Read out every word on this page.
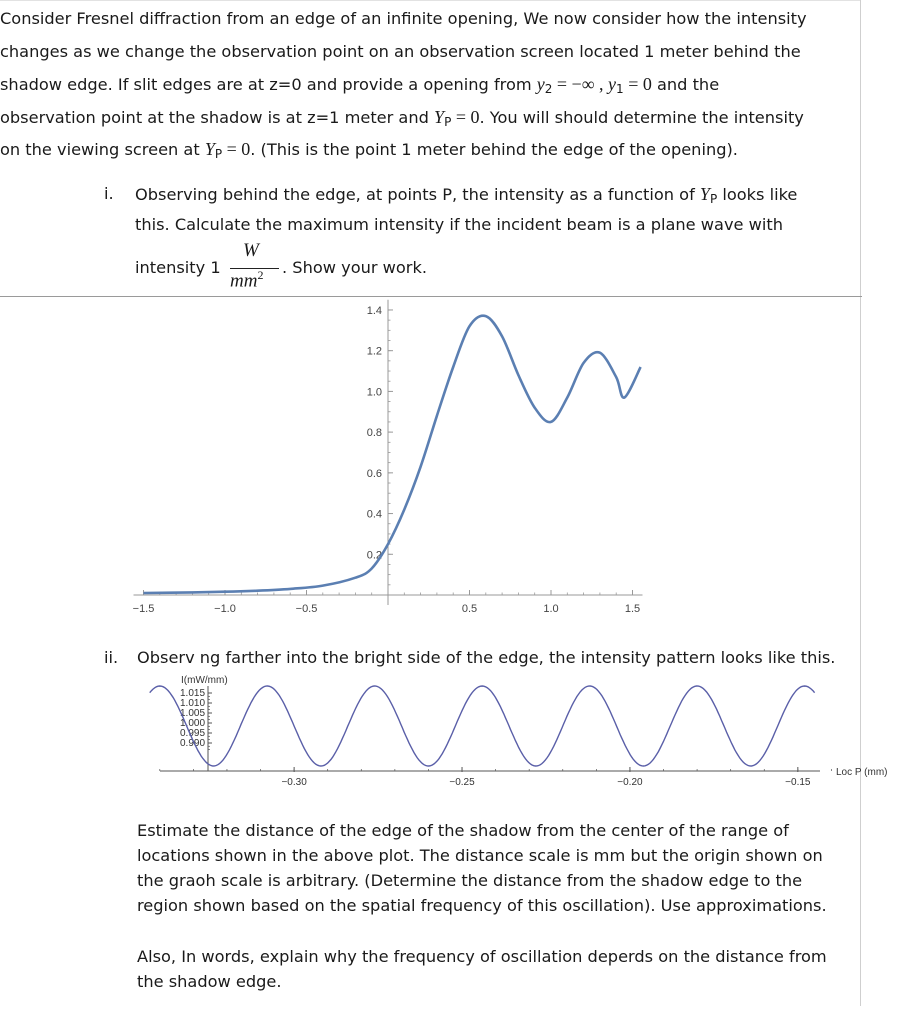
Consider Fresnel diffraction from an edge of an infinite opening, We now consider how the intensity
changes as we change the observation point on an observation screen located 1 meter behind the
shadow edge. If slit edges are at z=0 and provide a opening from $y_2$ = −∞ , $y_1 = 0$ and the
observation point at the shadow is at z=1 meter and $Y_P = 0$. You will should determine the intensity
on the viewing screen at $Y_P = 0$. (This is the point 1 meter behind the edge of the opening).
i. Observing behind the edge, at points P, the intensity as a function of $Y_P$ looks like
this. Calculate the maximum intensity if the incident beam is a plane wave with
intensity 1
W
$mm^2$ . Show your work.
−1.5	−1.0	−0.5	0.5	1.0	1.5
0.2
0.4
0.6
0.8
1.0
1.2
1.4
ii. Observ ng farther into the bright side of the edge, the intensity pattern looks like this.
I(mW/mm)
Loc P (mm)
−0.30	−0.25	−0.20	−0.15
1.015
1.010
1.005
1.000
0.995
0.990
Estimate the distance of the edge of the shadow from the center of the range of
locations shown in the above plot. The distance scale is mm but the origin shown on
the graoh scale is arbitrary. (Determine the distance from the shadow edge to the
region shown based on the spatial frequency of this oscillation). Use approximations.
Also, In words, explain why the frequency of oscillation deperds on the distance from
the shadow edge.
